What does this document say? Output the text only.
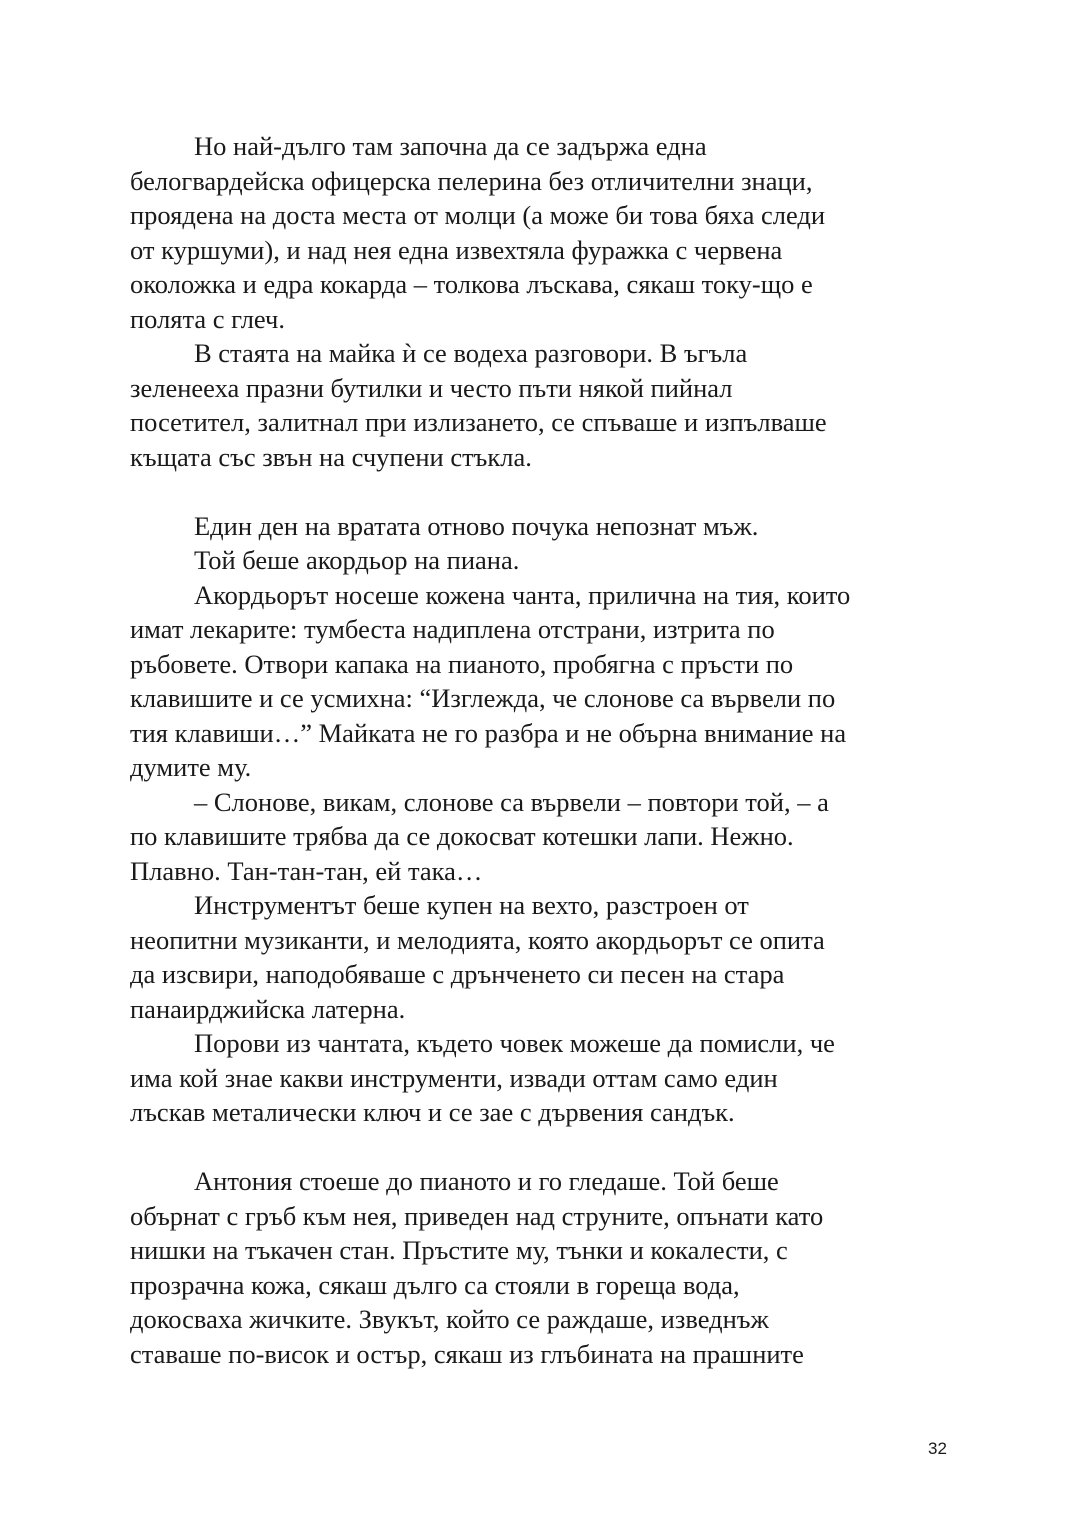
Но най-дълго там започна да се задържа една
белогвардейска офицерска пелерина без отличителни знаци,
проядена на доста места от молци (а може би това бяха следи
от куршуми), и над нея една извехтяла фуражка с червена
околожка и едра кокарда – толкова лъскава, сякаш току-що е
полята с глеч.
В стаята на майка ѝ се водеха разговори. В ъгъла
зеленееха празни бутилки и често пъти някой пийнал
посетител, залитнал при излизането, се спъваше и изпълваше
къщата със звън на счупени стъкла.
Един ден на вратата отново почука непознат мъж.
Той беше акордьор на пиана.
Акордьорът носеше кожена чанта, прилична на тия, които
имат лекарите: тумбеста надиплена отстрани, изтрита по
ръбовете. Отвори капака на пианото, пробягна с пръсти по
клавишите и се усмихна: “Изглежда, че слонове са вървели по
тия клавиши…” Майката не го разбра и не обърна внимание на
думите му.
– Слонове, викам, слонове са вървели – повтори той, – а
по клавишите трябва да се докосват котешки лапи. Нежно.
Плавно. Тан-тан-тан, ей така…
Инструментът беше купен на вехто, разстроен от
неопитни музиканти, и мелодията, която акордьорът се опита
да изсвири, наподобяваше с дрънченето си песен на стара
панаирджийска латерна.
Порови из чантата, където човек можеше да помисли, че
има кой знае какви инструменти, извади оттам само един
лъскав металически ключ и се зае с дървения сандък.
Антония стоеше до пианото и го гледаше. Той беше
обърнат с гръб към нея, приведен над струните, опънати като
нишки на тъкачен стан. Пръстите му, тънки и кокалести, с
прозрачна кожа, сякаш дълго са стояли в гореща вода,
докосваха жичките. Звукът, който се раждаше, изведнъж
ставаше по-висок и остър, сякаш из глъбината на прашните
32
